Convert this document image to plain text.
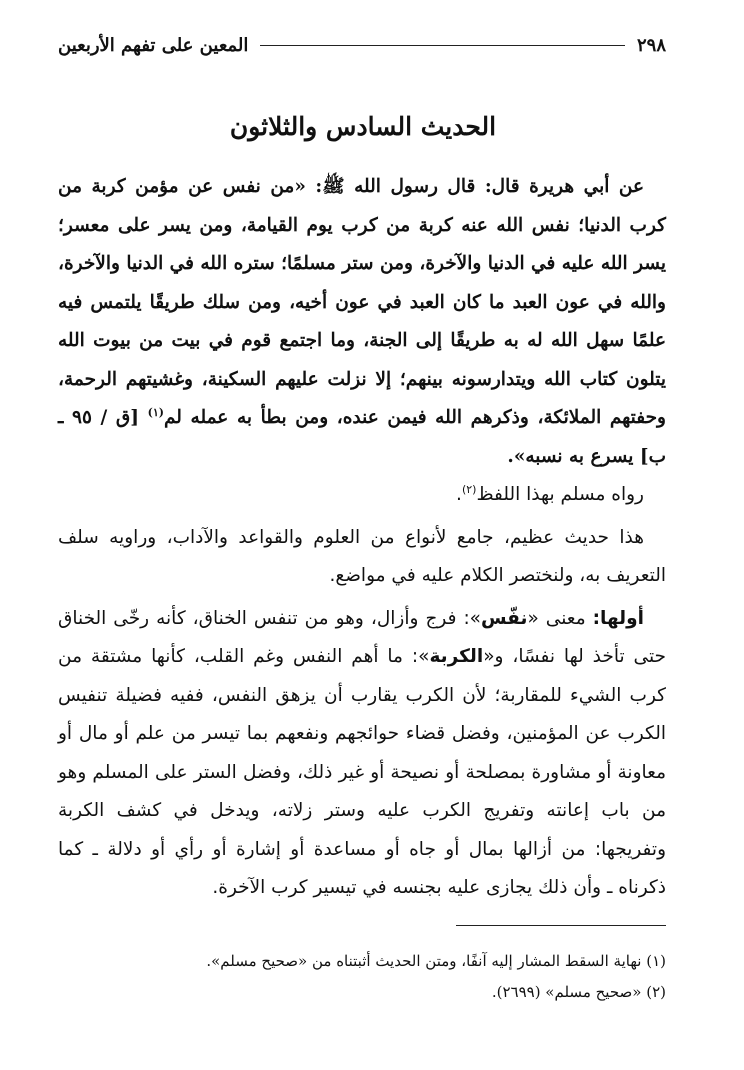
٢٩٨
المعين على تفهم الأربعين
الحديث السادس والثلاثون

عن أبي هريرة قال: قال رسول الله ﷺ: «من نفس عن مؤمن كربة من كرب الدنيا؛ نفس الله عنه كربة من كرب يوم القيامة، ومن يسر على معسر؛ يسر الله عليه في الدنيا والآخرة، ومن ستر مسلمًا؛ ستره الله في الدنيا والآخرة، والله في عون العبد ما كان العبد في عون أخيه، ومن سلك طريقًا يلتمس فيه علمًا سهل الله له به طريقًا إلى الجنة، وما اجتمع قوم في بيت من بيوت الله يتلون كتاب الله ويتدارسونه بينهم؛ إلا نزلت عليهم السكينة، وغشيتهم الرحمة، وحفتهم الملائكة، وذكرهم الله فيمن عنده، ومن بطأ به عمله لم$^{(١)}$ [ق / ٩٥ ـ ب] يسرع به نسبه».

رواه مسلم بهذا اللفظ$^{(٢)}$.

هذا حديث عظيم، جامع لأنواع من العلوم والقواعد والآداب، وراويه سلف التعريف به، ولنختصر الكلام عليه في مواضع.

أولها: معنى «نفّس»: فرج وأزال، وهو من تنفس الخناق، كأنه رخّى الخناق حتى تأخذ لها نفسًا، و«الكربة»: ما أهم النفس وغم القلب، كأنها مشتقة من كرب الشيء للمقاربة؛ لأن الكرب يقارب أن يزهق النفس، ففيه فضيلة تنفيس الكرب عن المؤمنين، وفضل قضاء حوائجهم ونفعهم بما تيسر من علم أو مال أو معاونة أو مشاورة بمصلحة أو نصيحة أو غير ذلك، وفضل الستر على المسلم وهو من باب إعانته وتفريج الكرب عليه وستر زلاته، ويدخل في كشف الكربة وتفريجها: من أزالها بمال أو جاه أو مساعدة أو إشارة أو رأي أو دلالة ـ كما ذكرناه ـ وأن ذلك يجازى عليه بجنسه في تيسير كرب الآخرة.

(١) نهاية السقط المشار إليه آنفًا، ومتن الحديث أثبتناه من «صحيح مسلم».
(٢) «صحيح مسلم» (٢٦٩٩).
